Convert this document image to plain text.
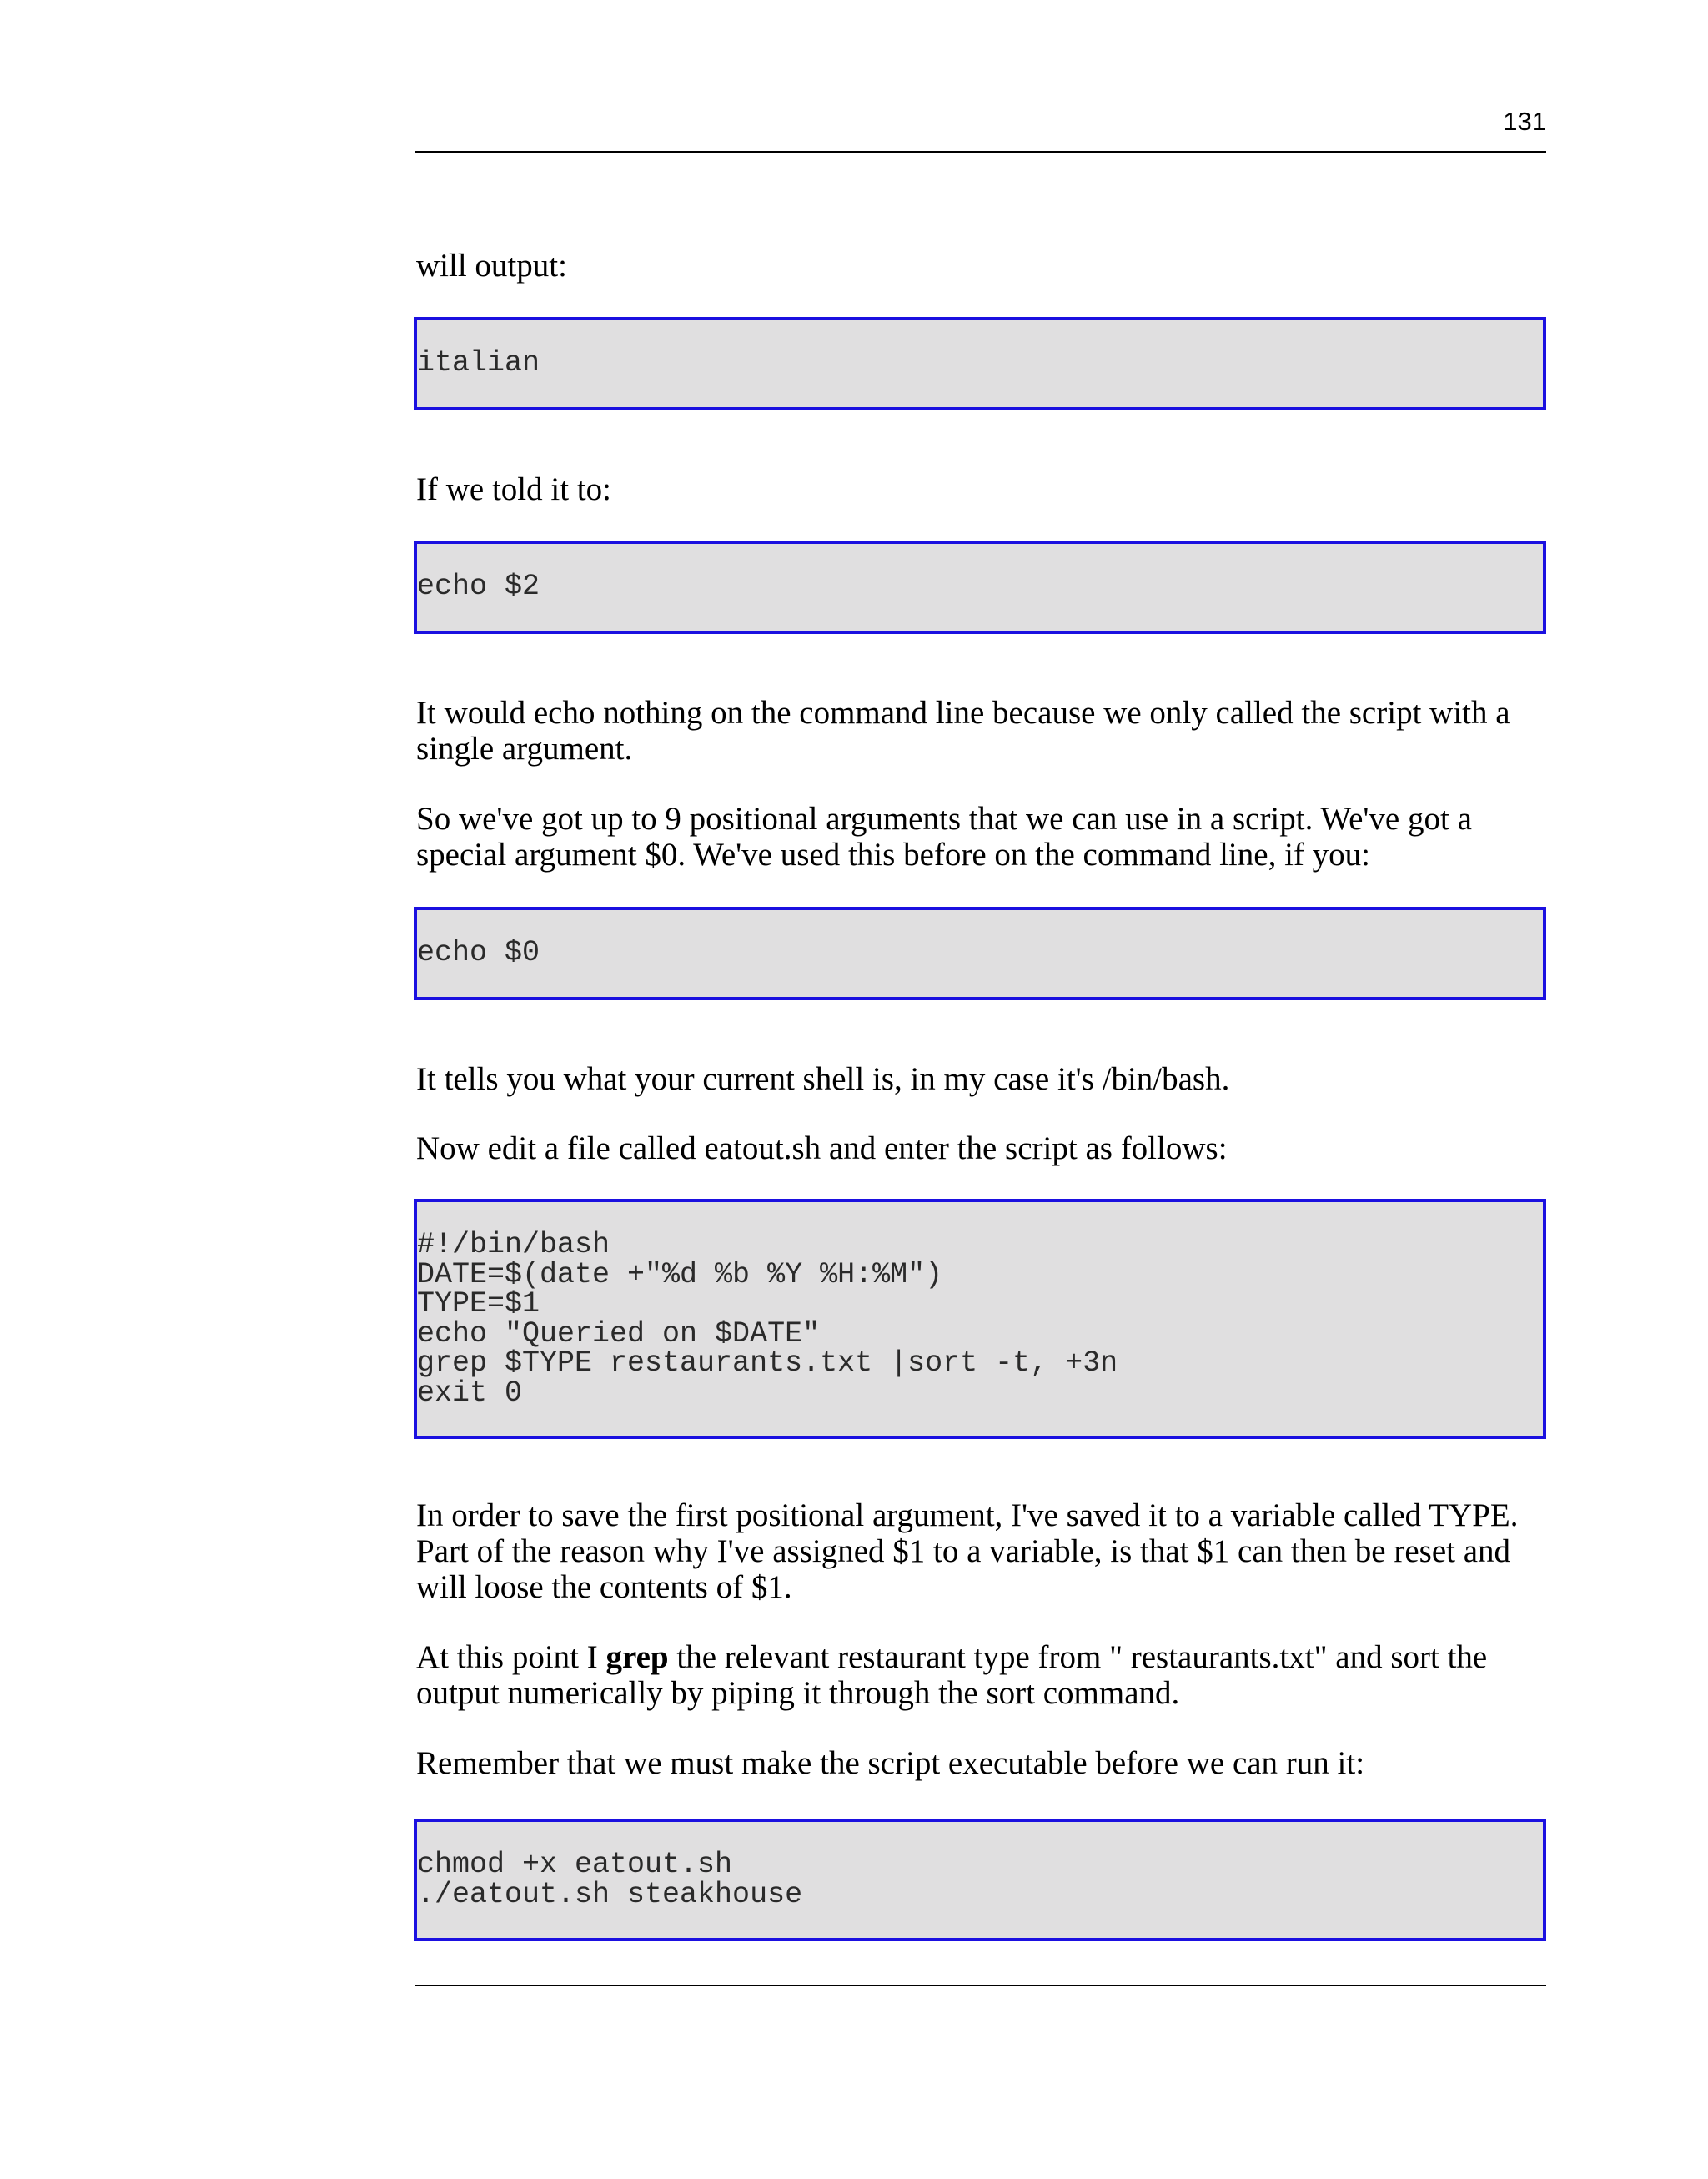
131

will output:

italian

If we told it to:

echo $2

It would echo nothing on the command line because we only called the script with a
single argument.

So we've got up to 9 positional arguments that we can use in a script. We've got a
special argument $0. We've used this before on the command line, if you:

echo $0

It tells you what your current shell is, in my case it's /bin/bash.

Now edit a file called eatout.sh and enter the script as follows:

#!/bin/bash
DATE=$(date +"%d %b %Y %H:%M")
TYPE=$1
echo "Queried on $DATE"
grep $TYPE restaurants.txt |sort -t, +3n
exit 0

In order to save the first positional argument, I've saved it to a variable called TYPE.
Part of the reason why I've assigned $1 to a variable, is that $1 can then be reset and
will loose the contents of $1.

At this point I grep the relevant restaurant type from " restaurants.txt" and sort the
output numerically by piping it through the sort command.

Remember that we must make the script executable before we can run it:

chmod +x eatout.sh
./eatout.sh steakhouse
